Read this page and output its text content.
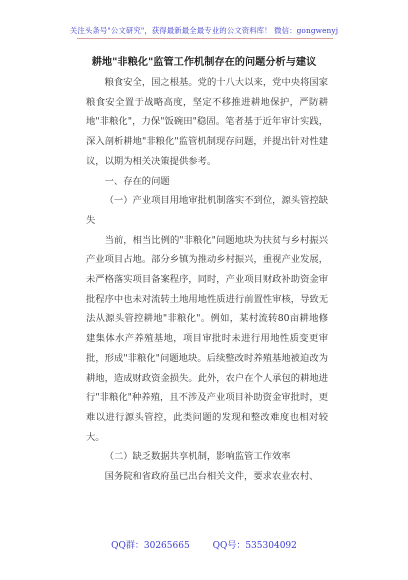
关注头条号"公文研究"，获得最新最全最专业的公文资料库！ 微信：gongwenyj
耕地"非粮化"监管工作机制存在的问题分析与建议

粮食安全，国之根基。党的十八大以来，党中央将国家粮食安全置于战略高度，坚定不移推进耕地保护，严防耕地"非粮化"，力保"饭碗田"稳固。笔者基于近年审计实践，深入剖析耕地"非粮化"监管机制现存问题，并提出针对性建议，以期为相关决策提供参考。

一、存在的问题

（一）产业项目用地审批机制落实不到位，源头管控缺失

当前，相当比例的"非粮化"问题地块为扶贫与乡村振兴产业项目占地。部分乡镇为推动乡村振兴，重视产业发展，未严格落实项目备案程序，同时，产业项目财政补助资金审批程序中也未对流转土地用地性质进行前置性审核，导致无法从源头管控耕地"非粮化"。例如，某村流转80亩耕地修建集体水产养殖基地，项目审批时未进行用地性质变更审批，形成"非粮化"问题地块。后续整改时养殖基地被迫改为耕地，造成财政资金损失。此外，农户在个人承包的耕地进行"非粮化"种养殖，且不涉及产业项目补助资金审批时，更难以进行源头管控，此类问题的发现和整改难度也相对较大。

（二）缺乏数据共享机制，影响监管工作效率

国务院和省政府虽已出台相关文件，要求农业农村、

QQ群：30265665	QQ号：535304092
